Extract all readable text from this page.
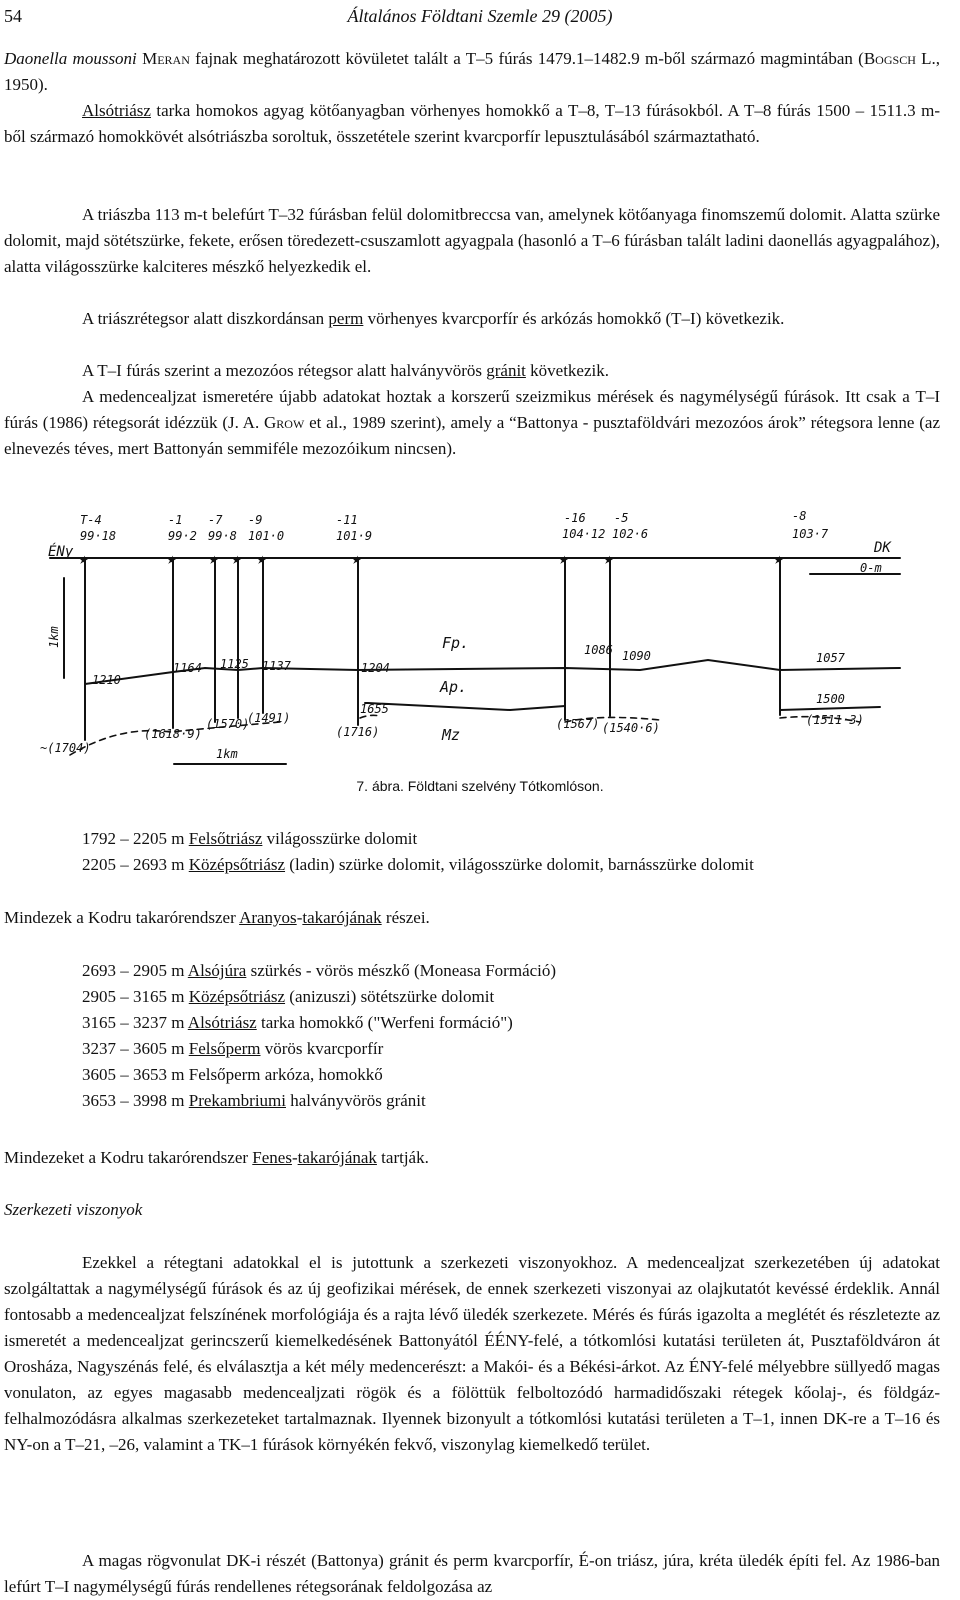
54	Általános Földtani Szemle 29 (2005)
Daonella moussoni Meran fajnak meghatározott kövületet talált a T–5 fúrás 1479.1–1482.9 m-ből származó magmintában (Bogsch L., 1950).
Alsótriász tarka homokos agyag kötőanyagban vörhenyes homokkő a T–8, T–13 fúrásokból. A T–8 fúrás 1500 – 1511.3 m-ből származó homokkövét alsótriászba soroltuk, összetétele szerint kvarcporfír lepusztulásából származtatható.
A triászba 113 m-t belefúrt T–32 fúrásban felül dolomitbreccsa van, amelynek kötőanyaga finomszemű dolomit. Alatta szürke dolomit, majd sötétszürke, fekete, erősen töredezett-csuszamlott agyagpala (hasonló a T–6 fúrásban talált ladini daonellás agyagpalához), alatta világosszürke kalciteres mészkő helyezkedik el.
A triászrétegsor alatt diszkordánsan perm vörhenyes kvarcporfír és arkózás homokkő (T–I) következik.
A T–I fúrás szerint a mezozóos rétegsor alatt halványvörös gránit következik.
A medencealjzat ismeretére újabb adatokat hoztak a korszerű szeizmikus mérések és nagymélységű fúrások. Itt csak a T–I fúrás (1986) rétegsorát idézzük (J. A. Grow et al., 1989 szerint), amely a “Battonya - pusztaföldvári mezozóos árok” rétegsora lenne (az elnevezés téves, mert Battonyán semmiféle mezozóikum nincsen).
★	★ ★ ★ ★	★	★ ★	★
T-4
99·18
-1
99·2
-7
99·8
-9
101·0
-11
101·9
-16
104·12
-5
102·6
-8
103·7
ÉNy	DK
0-m
1km
1km
Fp.
Ap.
Mz
1210
1164 1125 1137	1204
1655
1086 1090	1057
1500
~(1704)
(1618·9)
(1570)
(1491)
(1716)
(1567) (1540·6)
(1511·3)
7. ábra. Földtani szelvény Tótkomlóson.
1792 – 2205 m Felsőtriász világosszürke dolomit
2205 – 2693 m Középsőtriász (ladin) szürke dolomit, világosszürke dolomit, barnásszürke dolomit
Mindezek a Kodru takarórendszer Aranyos-takarójának részei.
2693 – 2905 m Alsójúra szürkés - vörös mészkő (Moneasa Formáció)
2905 – 3165 m Középsőtriász (anizuszi) sötétszürke dolomit
3165 – 3237 m Alsótriász tarka homokkő ("Werfeni formáció")
3237 – 3605 m Felsőperm vörös kvarcporfír
3605 – 3653 m Felsőperm arkóza, homokkő
3653 – 3998 m Prekambriumi halványvörös gránit
Mindezeket a Kodru takarórendszer Fenes-takarójának tartják.
Szerkezeti viszonyok
Ezekkel a rétegtani adatokkal el is jutottunk a szerkezeti viszonyokhoz. A medencealjzat szerkezetében új adatokat szolgáltattak a nagymélységű fúrások és az új geofizikai mérések, de ennek szerkezeti viszonyai az olajkutatót kevéssé érdeklik. Annál fontosabb a medencealjzat felszínének morfológiája és a rajta lévő üledék szerkezete. Mérés és fúrás igazolta a meglétét és részletezte az ismeretét a medencealjzat gerincszerű kiemelkedésének Battonyától ÉÉNY-felé, a tótkomlósi kutatási területen át, Pusztaföldváron át Orosháza, Nagyszénás felé, és elválasztja a két mély medencerészt: a Makói- és a Békési-árkot. Az ÉNY-felé mélyebbre süllyedő magas vonulaton, az egyes magasabb medencealjzati rögök és a fölöttük felboltozódó harmadidőszaki rétegek kőolaj-, és földgáz- felhalmozódásra alkalmas szerkezeteket tartalmaznak. Ilyennek bizonyult a tótkomlósi kutatási területen a T–1, innen DK-re a T–16 és NY-on a T–21, –26, valamint a TK–1 fúrások környékén fekvő, viszonylag kiemelkedő terület.
A magas rögvonulat DK-i részét (Battonya) gránit és perm kvarcporfír, É-on triász, júra, kréta üledék építi fel. Az 1986-ban lefúrt T–I nagymélységű fúrás rendellenes rétegsorának feldolgozása az
